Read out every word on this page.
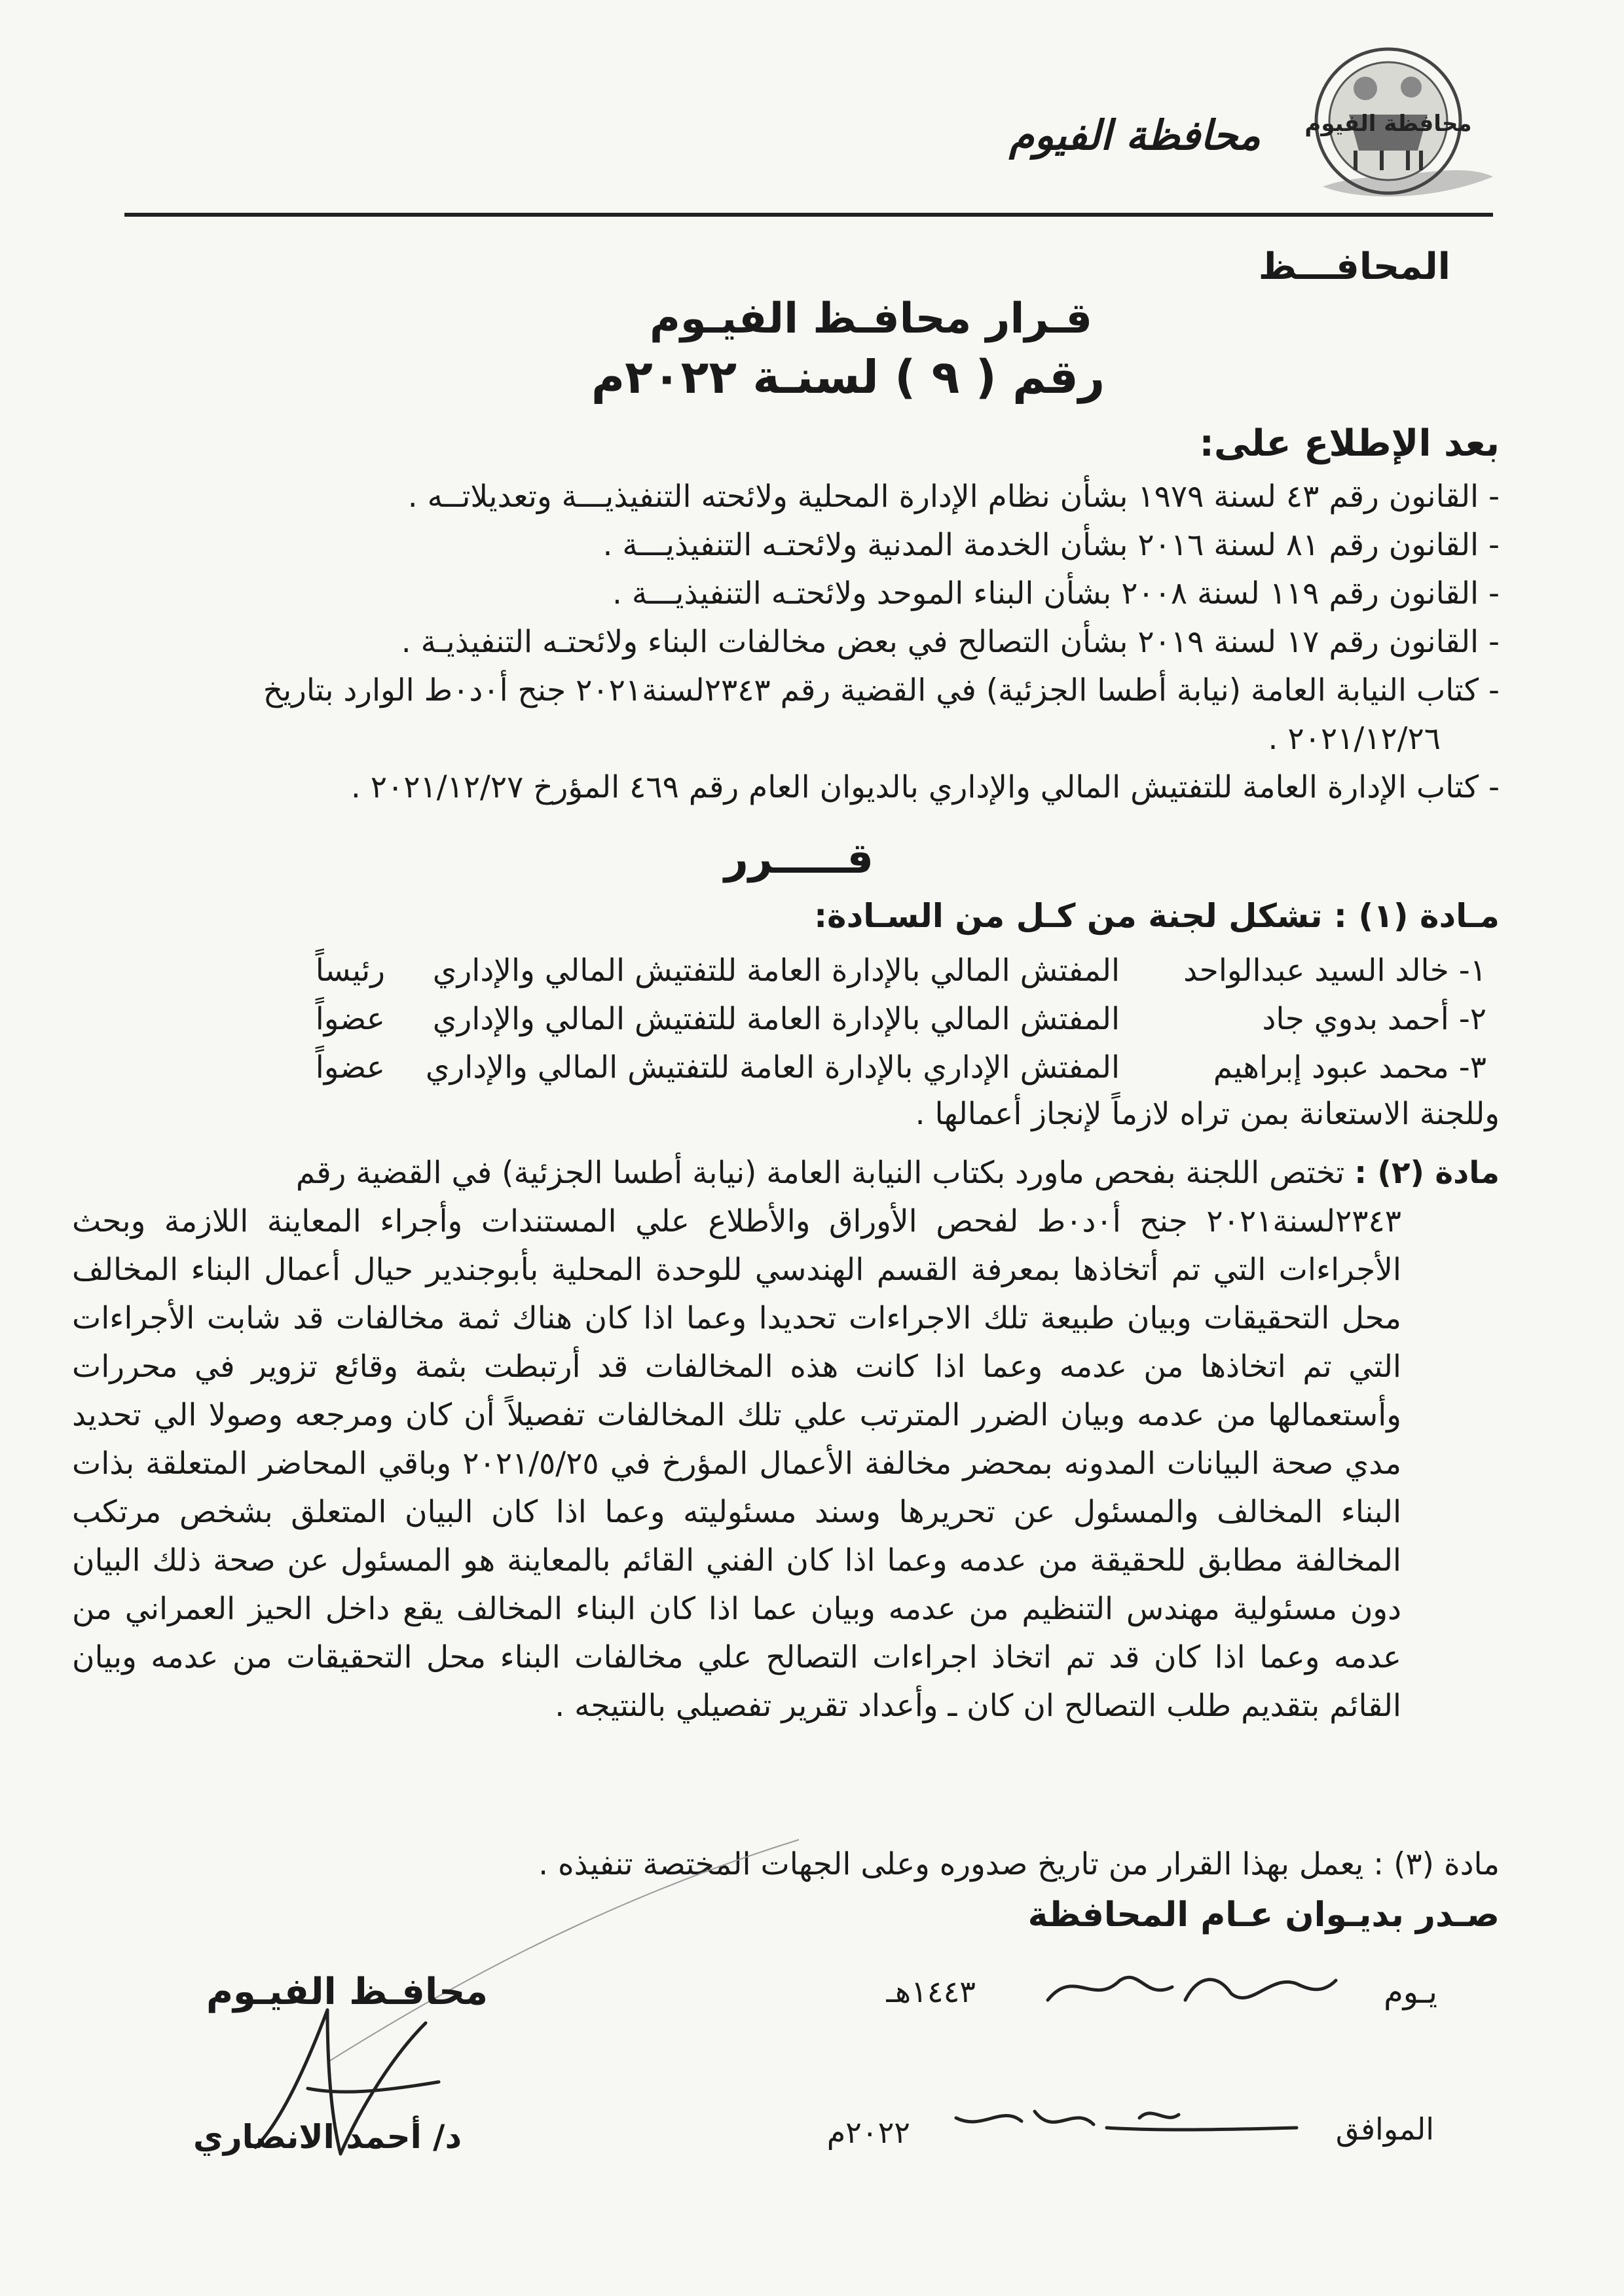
محافظة الفيوم
محافظة الفيوم
المحافـــظ
قـرار محافـظ الفيـوم
رقم ( ٩ ) لسنـة ٢٠٢٢م
بعد الإطلاع على:
- القانون رقم ٤٣ لسنة ١٩٧٩ بشأن نظام الإدارة المحلية ولائحته التنفيذيـــة وتعديلاتــه .
- القانون رقم ٨١ لسنة ٢٠١٦ بشأن الخدمة المدنية ولائحتـه التنفيذيـــة .
- القانون رقم ١١٩ لسنة ٢٠٠٨ بشأن البناء الموحد ولائحتـه التنفيذيـــة .
- القانون رقم ١٧ لسنة ٢٠١٩ بشأن التصالح في بعض مخالفات البناء ولائحتـه التنفيذيـة .
- كتاب النيابة العامة (نيابة أطسا الجزئية) في القضية رقم ٢٣٤٣لسنة٢٠٢١ جنح أ٠د٠ط الوارد بتاريخ
٢٠٢١/١٢/٢٦ .
- كتاب الإدارة العامة للتفتيش المالي والإداري بالديوان العام رقم ٤٦٩ المؤرخ ٢٠٢١/١٢/٢٧ .
قـــــرر
مـادة (١) : تشكل لجنة من كـل من السـادة:
١- خالد السيد عبدالواحد	المفتش المالي بالإدارة العامة للتفتيش المالي والإداري	رئيساً
٢- أحمد بدوي جاد	المفتش المالي بالإدارة العامة للتفتيش المالي والإداري	عضواً
٣- محمد عبود إبراهيم	المفتش الإداري بالإدارة العامة للتفتيش المالي والإداري	عضواً
وللجنة الاستعانة بمن تراه لازماً لإنجاز أعمالها .

مادة (٢) : تختص اللجنة بفحص ماورد بكتاب النيابة العامة (نيابة أطسا الجزئية) في القضية رقم

٢٣٤٣لسنة٢٠٢١ جنح أ٠د٠ط لفحص الأوراق والأطلاع علي المستندات وأجراء المعاينة اللازمة وبحث الأجراءات التي تم أتخاذها بمعرفة القسم الهندسي للوحدة المحلية بأبوجندير حيال أعمال البناء المخالف محل التحقيقات وبيان طبيعة تلك الاجراءات تحديدا وعما اذا كان هناك ثمة مخالفات قد شابت الأجراءات التي تم اتخاذها من عدمه وعما اذا كانت هذه المخالفات قد أرتبطت بثمة وقائع تزوير في محررات وأستعمالها من عدمه وبيان الضرر المترتب علي تلك المخالفات تفصيلاً أن كان ومرجعه وصولا الي تحديد مدي صحة البيانات المدونه بمحضر مخالفة الأعمال المؤرخ في ٢٠٢١/٥/٢٥ وباقي المحاضر المتعلقة بذات البناء المخالف والمسئول عن تحريرها وسند مسئوليته وعما اذا كان البيان المتعلق بشخص مرتكب المخالفة مطابق للحقيقة من عدمه وعما اذا كان الفني القائم بالمعاينة هو المسئول عن صحة ذلك البيان دون مسئولية مهندس التنظيم من عدمه وبيان عما اذا كان البناء المخالف يقع داخل الحيز العمراني من عدمه وعما اذا كان قد تم اتخاذ اجراءات التصالح علي مخالفات البناء محل التحقيقات من عدمه وبيان القائم بتقديم طلب التصالح ان كان ـ وأعداد تقرير تفصيلي بالنتيجه .

مادة (٣) : يعمل بهذا القرار من تاريخ صدوره وعلى الجهات المختصة تنفيذه .
صـدر بديـوان عـام المحافظة
محافـظ الفيـوم
د/ أحمد الانصاري
يـوم
١٤٤٣هـ
الموافق
٢٠٢٢م
